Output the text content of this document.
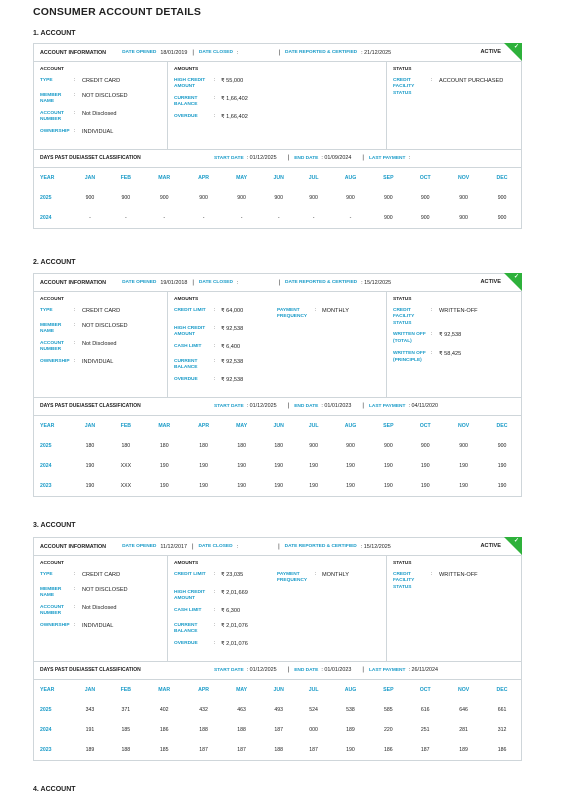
CONSUMER ACCOUNT DETAILS
1. ACCOUNT
ACCOUNT INFORMATION	DATE OPENED 18/01/2019 | DATE CLOSED :	| DATE REPORTED & CERTIFIED : 21/12/2025	ACTIVE
✓
ACCOUNT
TYPE	:	CREDIT CARD
MEMBER NAME
:	NOT DISCLOSED
ACCOUNT NUMBER
:	Not Disclosed
OWNERSHIP :	INDIVIDUAL
AMOUNTS
HIGH CREDIT AMOUNT
:	₹ 55,000
CURRENT BALANCE
:	₹ 1,66,402
OVERDUE	:	₹ 1,66,402
STATUS
CREDIT FACILITY STATUS
:	ACCOUNT PURCHASED
DAYS PAST DUE/ASSET CLASSIFICATION	START DATE : 01/12/2025 | END DATE : 01/09/2024 | LAST PAYMENT :
YEAR	JAN	FEB	MAR	APR	MAY	JUN	JUL	AUG	SEP	OCT	NOV	DEC
2025	900	900	900	900	900	900	900	900	900	900	900	900
2024	-	-	-	-	-	-	-	-	900	900	900	900
2. ACCOUNT
ACCOUNT INFORMATION	DATE OPENED 19/01/2018 | DATE CLOSED :	| DATE REPORTED & CERTIFIED : 15/12/2025	ACTIVE
✓
ACCOUNT
TYPE	:	CREDIT CARD
MEMBER NAME
:	NOT DISCLOSED
ACCOUNT NUMBER
:	Not Disclosed
OWNERSHIP :	INDIVIDUAL
AMOUNTS
CREDIT LIMIT	:	₹ 64,000	PAYMENT FREQUENCY
:	MONTHLY
HIGH CREDIT AMOUNT
:	₹ 92,538
CASH LIMIT	:	₹ 6,400
CURRENT BALANCE
:	₹ 92,538
OVERDUE	:	₹ 92,538
STATUS
CREDIT FACILITY STATUS
:	WRITTEN-OFF
WRITTEN OFF (TOTAL)
:	₹ 92,538
WRITTEN OFF (PRINCIPLE)
:	₹ 58,425
DAYS PAST DUE/ASSET CLASSIFICATION	START DATE : 01/12/2025 | END DATE : 01/01/2023 | LAST PAYMENT : 04/11/2020
YEAR	JAN	FEB	MAR	APR	MAY	JUN	JUL	AUG	SEP	OCT	NOV	DEC
2025	180	180	180	180	180	180	900	900	900	900	900	900
2024	190	XXX	190	190	190	190	190	190	190	190	190	190
2023	190	XXX	190	190	190	190	190	190	190	190	190	190
3. ACCOUNT
ACCOUNT INFORMATION	DATE OPENED 11/12/2017 | DATE CLOSED :	| DATE REPORTED & CERTIFIED : 15/12/2025	ACTIVE
✓
ACCOUNT
TYPE	:	CREDIT CARD
MEMBER NAME
:	NOT DISCLOSED
ACCOUNT NUMBER
:	Not Disclosed
OWNERSHIP :	INDIVIDUAL
AMOUNTS
CREDIT LIMIT	:	₹ 23,035	PAYMENT FREQUENCY
:	MONTHLY
HIGH CREDIT AMOUNT
:	₹ 2,01,669
CASH LIMIT	:	₹ 6,300
CURRENT BALANCE
:	₹ 2,01,076
OVERDUE	:	₹ 2,01,076
STATUS
CREDIT FACILITY STATUS
:	WRITTEN-OFF
DAYS PAST DUE/ASSET CLASSIFICATION	START DATE : 01/12/2025 | END DATE : 01/01/2023 | LAST PAYMENT : 26/11/2024
YEAR	JAN	FEB	MAR	APR	MAY	JUN	JUL	AUG	SEP	OCT	NOV	DEC
2025	343	371	402	432	463	493	524	538	585	616	646	661
2024	191	185	186	188	188	187	000	189	220	251	281	312
2023	189	188	185	187	187	188	187	190	186	187	189	186
4. ACCOUNT
